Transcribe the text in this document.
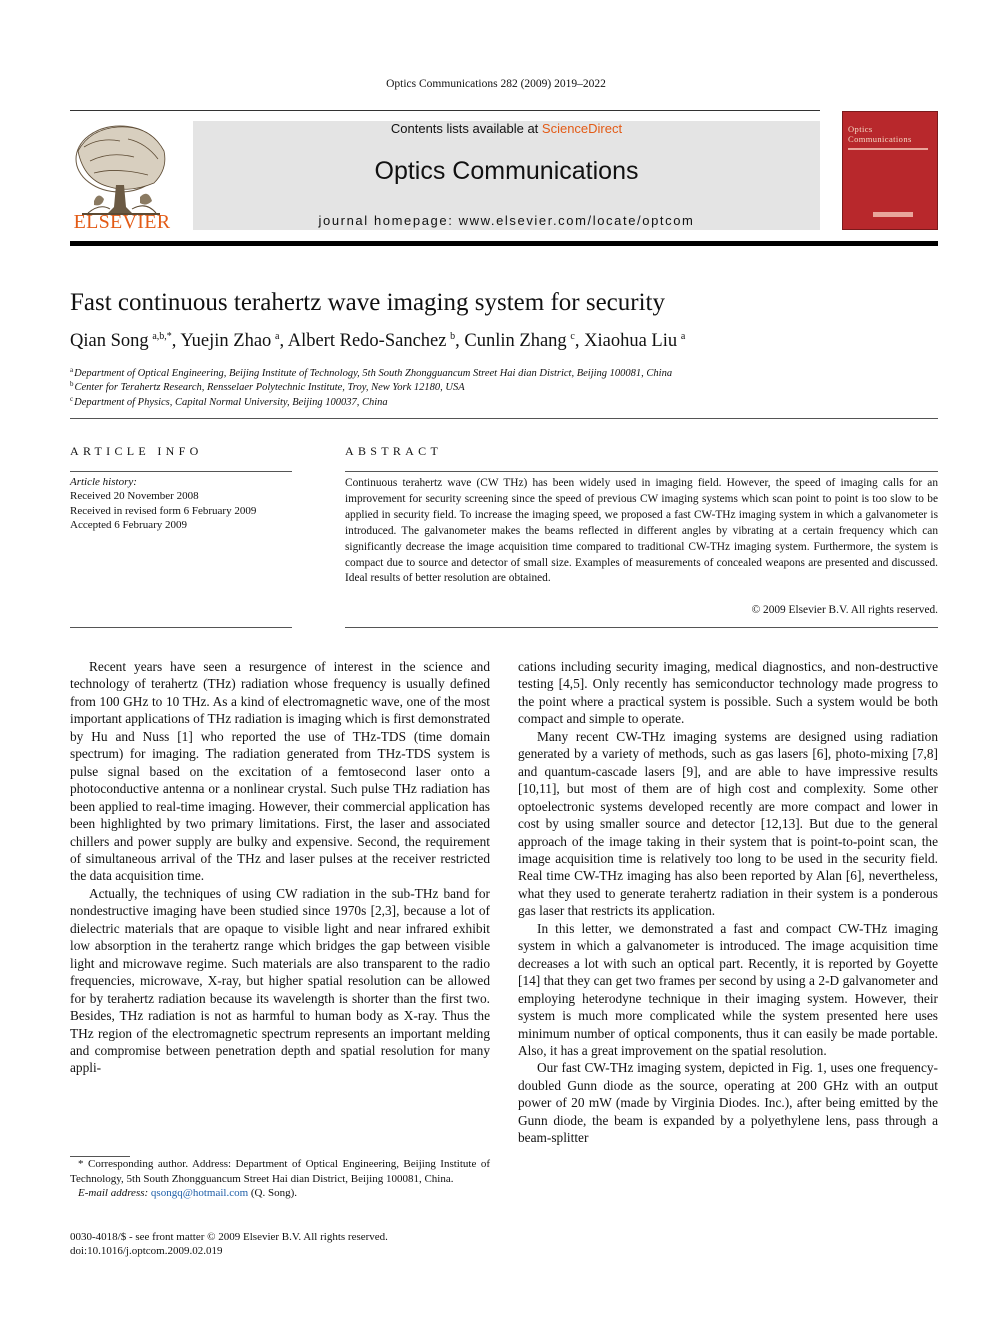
Optics Communications 282 (2009) 2019–2022
ELSEVIER
Contents lists available at ScienceDirect
Optics Communications
journal homepage: www.elsevier.com/locate/optcom
Optics
Communications
Fast continuous terahertz wave imaging system for security
Qian Song  $^{a,b,*}$, Yuejin Zhao  $^a$, Albert Redo-Sanchez  $^b$, Cunlin Zhang  $^c$, Xiaohua Liu  $^a$
$^a$Department of Optical Engineering, Beijing Institute of Technology, 5th South Zhongguancum Street Hai dian District, Beijing 100081, China
$^b$Center for Terahertz Research, Rensselaer Polytechnic Institute, Troy, New York 12180, USA
$^c$Department of Physics, Capital Normal University, Beijing 100037, China
ARTICLE INFO
Article history:
Received 20 November 2008
Received in revised form 6 February 2009
Accepted 6 February 2009
ABSTRACT
Continuous terahertz wave (CW THz) has been widely used in imaging field. However, the speed of imaging calls for an improvement for security screening since the speed of previous CW imaging systems which scan point to point is too slow to be applied in security field. To increase the imaging speed, we proposed a fast CW-THz imaging system in which a galvanometer is introduced. The galvanometer makes the beams reflected in different angles by vibrating at a certain frequency which can significantly decrease the image acquisition time compared to traditional CW-THz imaging system. Furthermore, the system is compact due to source and detector of small size. Examples of measurements of concealed weapons are presented and discussed. Ideal results of better resolution are obtained.
© 2009 Elsevier B.V. All rights reserved.

Recent years have seen a resurgence of interest in the science and technology of terahertz (THz) radiation whose frequency is usually defined from 100 GHz to 10 THz. As a kind of electromagnetic wave, one of the most important applications of THz radiation is imaging which is first demonstrated by Hu and Nuss [1] who reported the use of THz-TDS (time domain spectrum) for imaging. The radiation generated from THz-TDS system is pulse signal based on the excitation of a femtosecond laser onto a photoconductive antenna or a nonlinear crystal. Such pulse THz radiation has been applied to real-time imaging. However, their commercial application has been highlighted by two primary limitations. First, the laser and associated chillers and power supply are bulky and expensive. Second, the requirement of simultaneous arrival of the THz and laser pulses at the receiver restricted the data acquisition time.

Actually, the techniques of using CW radiation in the sub-THz band for nondestructive imaging have been studied since 1970s [2,3], because a lot of dielectric materials that are opaque to visible light and near infrared exhibit low absorption in the terahertz range which bridges the gap between visible light and microwave regime. Such materials are also transparent to the radio frequencies, microwave, X-ray, but higher spatial resolution can be allowed for by terahertz radiation because its wavelength is shorter than the first two. Besides, THz radiation is not as harmful to human body as X-ray. Thus the THz region of the electromagnetic spectrum represents an important melding and compromise between penetration depth and spatial resolution for many appli-

cations including security imaging, medical diagnostics, and non-destructive testing [4,5]. Only recently has semiconductor technology made progress to the point where a practical system is possible. Such a system would be both compact and simple to operate.

Many recent CW-THz imaging systems are designed using radiation generated by a variety of methods, such as gas lasers [6], photo-mixing [7,8] and quantum-cascade lasers [9], and are able to have impressive results [10,11], but most of them are of high cost and complexity. Some other optoelectronic systems developed recently are more compact and lower in cost by using smaller source and detector [12,13]. But due to the general approach of the image taking in their system that is point-to-point scan, the image acquisition time is relatively too long to be used in the security field. Real time CW-THz imaging has also been reported by Alan [6], nevertheless, what they used to generate terahertz radiation in their system is a ponderous gas laser that restricts its application.

In this letter, we demonstrated a fast and compact CW-THz imaging system in which a galvanometer is introduced. The image acquisition time decreases a lot with such an optical part. Recently, it is reported by Goyette [14] that they can get two frames per second by using a 2-D galvanometer and employing heterodyne technique in their imaging system. However, their system is much more complicated while the system presented here uses minimum number of optical components, thus it can easily be made portable. Also, it has a great improvement on the spatial resolution.

Our fast CW-THz imaging system, depicted in Fig. 1, uses one frequency-doubled Gunn diode as the source, operating at 200 GHz with an output power of 20 mW (made by Virginia Diodes. Inc.), after being emitted by the Gunn diode, the beam is expanded by a polyethylene lens, pass through a beam-splitter

* Corresponding author. Address: Department of Optical Engineering, Beijing Institute of Technology, 5th South Zhongguancum Street Hai dian District, Beijing 100081, China.

E-mail address: qsongq@hotmail.com (Q. Song).

0030-4018/$ - see front matter © 2009 Elsevier B.V. All rights reserved.
doi:10.1016/j.optcom.2009.02.019
